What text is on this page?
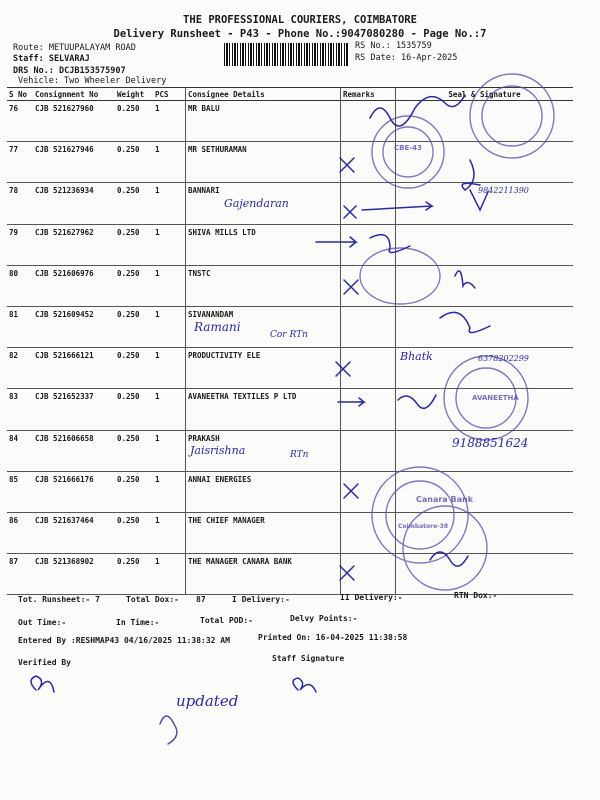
THE PROFESSIONAL COURIERS, COIMBATORE
Delivery Runsheet - P43 - Phone No.:9047080280 - Page No.:7
Route: METUUPALAYAM ROAD
Staff: SELVARAJ
DRS No.: DCJB153575907
Vehicle: Two Wheeler Delivery
RS No.: 1535759
RS Date: 16-Apr-2025
S No	Consignment No	Weight	PCS	Consignee Details	Remarks	Seal & Signature
76	CJB 521627960	0.250	1	MR BALU		
77	CJB 521627946	0.250	1	MR SETHURAMAN		
78	CJB 521236934	0.250	1	BANNARI		
79	CJB 521627962	0.250	1	SHIVA MILLS LTD		
80	CJB 521606976	0.250	1	TNSTC		
81	CJB 521609452	0.250	1	SIVANANDAM		
82	CJB 521666121	0.250	1	PRODUCTIVITY ELE		
83	CJB 521652337	0.250	1	AVANEETHA TEXTILES P LTD		
84	CJB 521606658	0.250	1	PRAKASH		
85	CJB 521666176	0.250	1	ANNAI ENERGIES		
86	CJB 521637464	0.250	1	THE CHIEF MANAGER		
87	CJB 521368902	0.250	1	THE MANAGER CANARA BANK		
CBE-43
AVANEETHA
Canara Bank
Coimbatore-38
Gajendaran
9842211390
Ramani
Cor RTn
Bhatk	6378202299
Jaisrishna	RTn
9188851624
updated
Tot. Runsheet:- 7	Total Dox:- 87	I Delivery:-	II Delivery:-	RTN Dox:-
Out Time:-	In Time:-	Total POD:-	Delvy Points:-
Entered By :RESHMAP43 04/16/2025 11:38:32 AM	Printed On: 16-04-2025 11:38:58
Verified By	Staff Signature
